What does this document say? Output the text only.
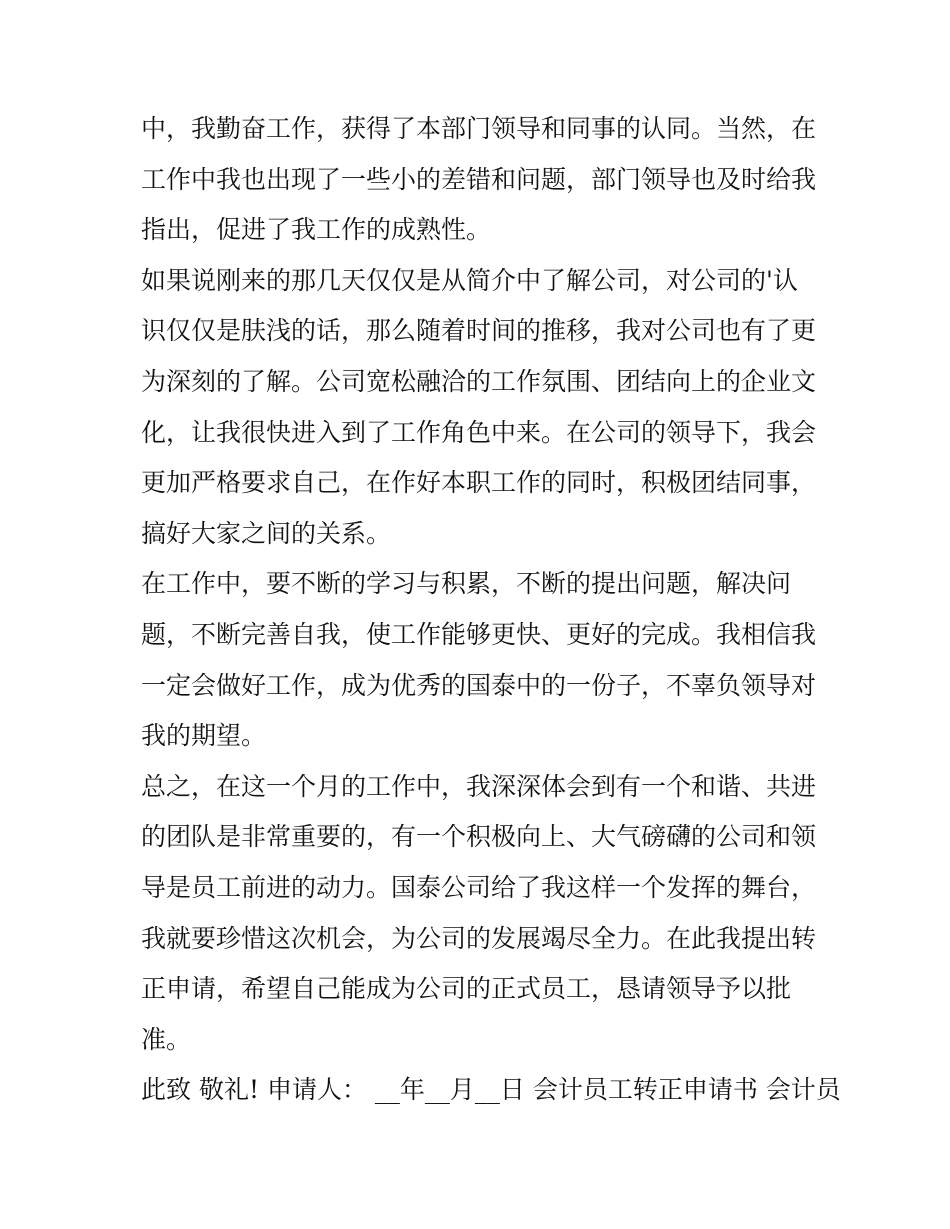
中，我勤奋工作，获得了本部门领导和同事的认同。当然，在
工作中我也出现了一些小的差错和问题，部门领导也及时给我
指出，促进了我工作的成熟性。
如果说刚来的那几天仅仅是从简介中了解公司，对公司的'认
识仅仅是肤浅的话，那么随着时间的推移，我对公司也有了更
为深刻的了解。公司宽松融洽的工作氛围、团结向上的企业文
化，让我很快进入到了工作角色中来。在公司的领导下，我会
更加严格要求自己，在作好本职工作的同时，积极团结同事，
搞好大家之间的关系。
在工作中，要不断的学习与积累，不断的提出问题，解决问
题，不断完善自我，使工作能够更快、更好的完成。我相信我
一定会做好工作，成为优秀的国泰中的一份子，不辜负领导对
我的期望。
总之，在这一个月的工作中，我深深体会到有一个和谐、共进
的团队是非常重要的，有一个积极向上、大气磅礴的公司和领
导是员工前进的动力。国泰公司给了我这样一个发挥的舞台，
我就要珍惜这次机会，为公司的发展竭尽全力。在此我提出转
正申请，希望自己能成为公司的正式员工，恳请领导予以批
准。
此致 敬礼! 申请人： __年__月__日 会计员工转正申请书 会计员
